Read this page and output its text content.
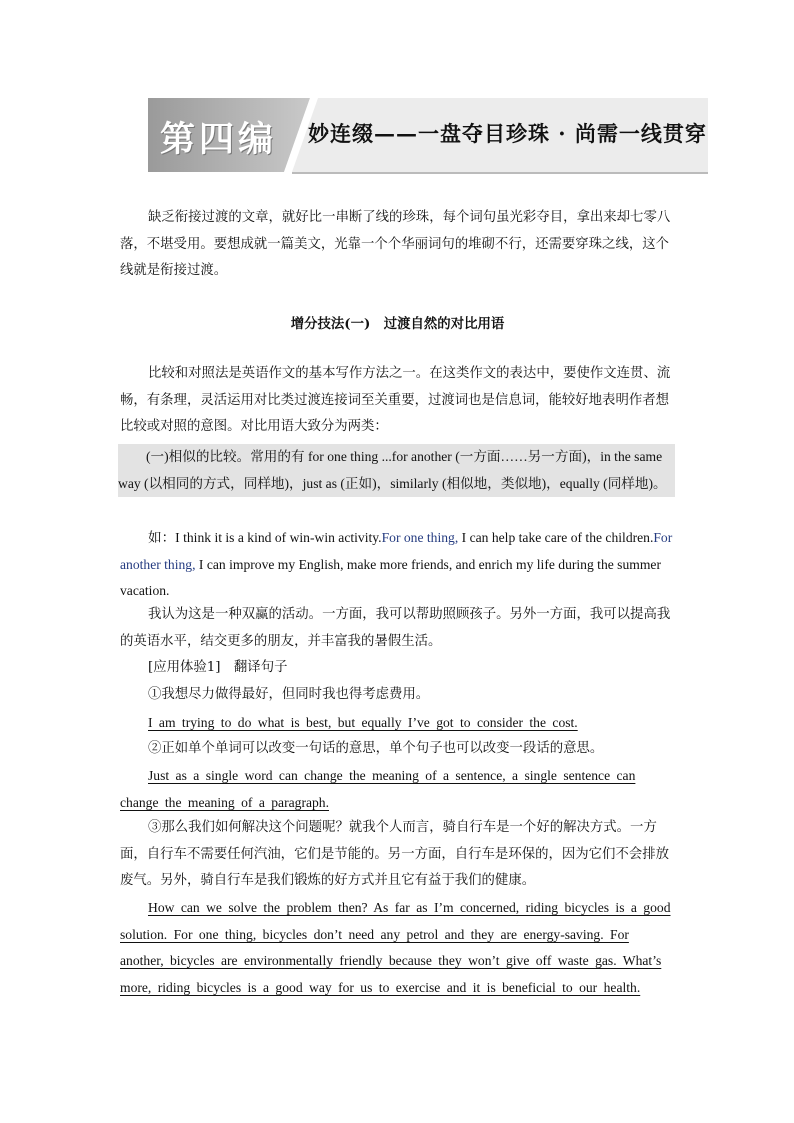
第四编 妙连缀——一盘夺目珍珠 · 尚需一线贯穿
缺乏衔接过渡的文章，就好比一串断了线的珍珠，每个词句虽光彩夺目，拿出来却七零八落，不堪受用。要想成就一篇美文，光靠一个个华丽词句的堆砌不行，还需要穿珠之线，这个线就是衔接过渡。
增分技法(一)　过渡自然的对比用语
比较和对照法是英语作文的基本写作方法之一。在这类作文的表达中，要使作文连贯、流畅，有条理，灵活运用对比类过渡连接词至关重要，过渡词也是信息词，能较好地表明作者想比较或对照的意图。对比用语大致分为两类：
(一)相似的比较。常用的有 for one thing ...for another (一方面……另一方面)，in the same way (以相同的方式，同样地)，just as (正如)，similarly (相似地，类似地)，equally (同样地)。
如：I think it is a kind of win-win activity.For one thing, I can help take care of the children.For another thing, I can improve my English, make more friends, and enrich my life during the summer vacation.
我认为这是一种双赢的活动。一方面，我可以帮助照顾孩子。另外一方面，我可以提高我的英语水平，结交更多的朋友，并丰富我的暑假生活。
[应用体验1]　翻译句子
①我想尽力做得最好，但同时我也得考虑费用。
I am trying to do what is best, but equally I’ve got to consider the cost.
②正如单个单词可以改变一句话的意思，单个句子也可以改变一段话的意思。
Just as a single word can change the meaning of a sentence, a single sentence can change the meaning of a paragraph.
③那么我们如何解决这个问题呢？就我个人而言，骑自行车是一个好的解决方式。一方面，自行车不需要任何汽油，它们是节能的。另一方面，自行车是环保的，因为它们不会排放废气。另外，骑自行车是我们锻炼的好方式并且它有益于我们的健康。
How can we solve the problem then? As far as I’m concerned, riding bicycles is a good solution. For one thing, bicycles don’t need any petrol and they are energy-saving. For another, bicycles are environmentally friendly because they won’t give off waste gas. What’s more, riding bicycles is a good way for us to exercise and it is beneficial to our health.
